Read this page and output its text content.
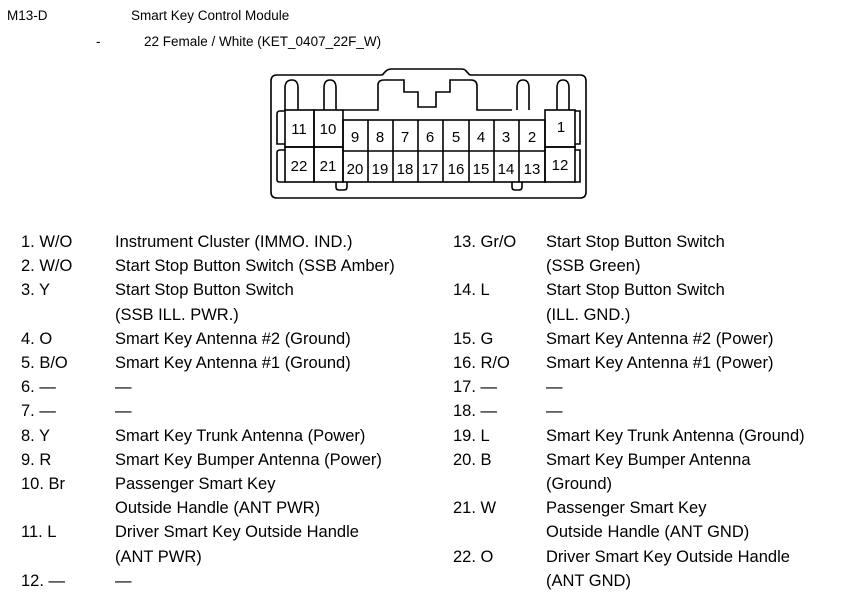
M13-D	Smart Key Control Module
-	22 Female / White (KET_0407_22F_W)
11 10 9 8 7 6 5 4 3 2
1
22 21 20 19 18 17 16 15 14 13 12
1. W/O	Instrument Cluster (IMMO. IND.)
2. W/O	Start Stop Button Switch (SSB Amber)
3. Y	Start Stop Button Switch
(SSB ILL. PWR.)
4. O	Smart Key Antenna #2 (Ground)
5. B/O	Smart Key Antenna #1 (Ground)
6. —	—
7. —	—
8. Y	Smart Key Trunk Antenna (Power)
9. R	Smart Key Bumper Antenna (Power)
10. Br	Passenger Smart Key
Outside Handle (ANT PWR)
11. L	Driver Smart Key Outside Handle
(ANT PWR)
12. —	—
13. Gr/O	Start Stop Button Switch
(SSB Green)
14. L	Start Stop Button Switch
(ILL. GND.)
15. G	Smart Key Antenna #2 (Power)
16. R/O	Smart Key Antenna #1 (Power)
17. —	—
18. —	—
19. L	Smart Key Trunk Antenna (Ground)
20. B	Smart Key Bumper Antenna
(Ground)
21. W	Passenger Smart Key
Outside Handle (ANT GND)
22. O	Driver Smart Key Outside Handle
(ANT GND)
